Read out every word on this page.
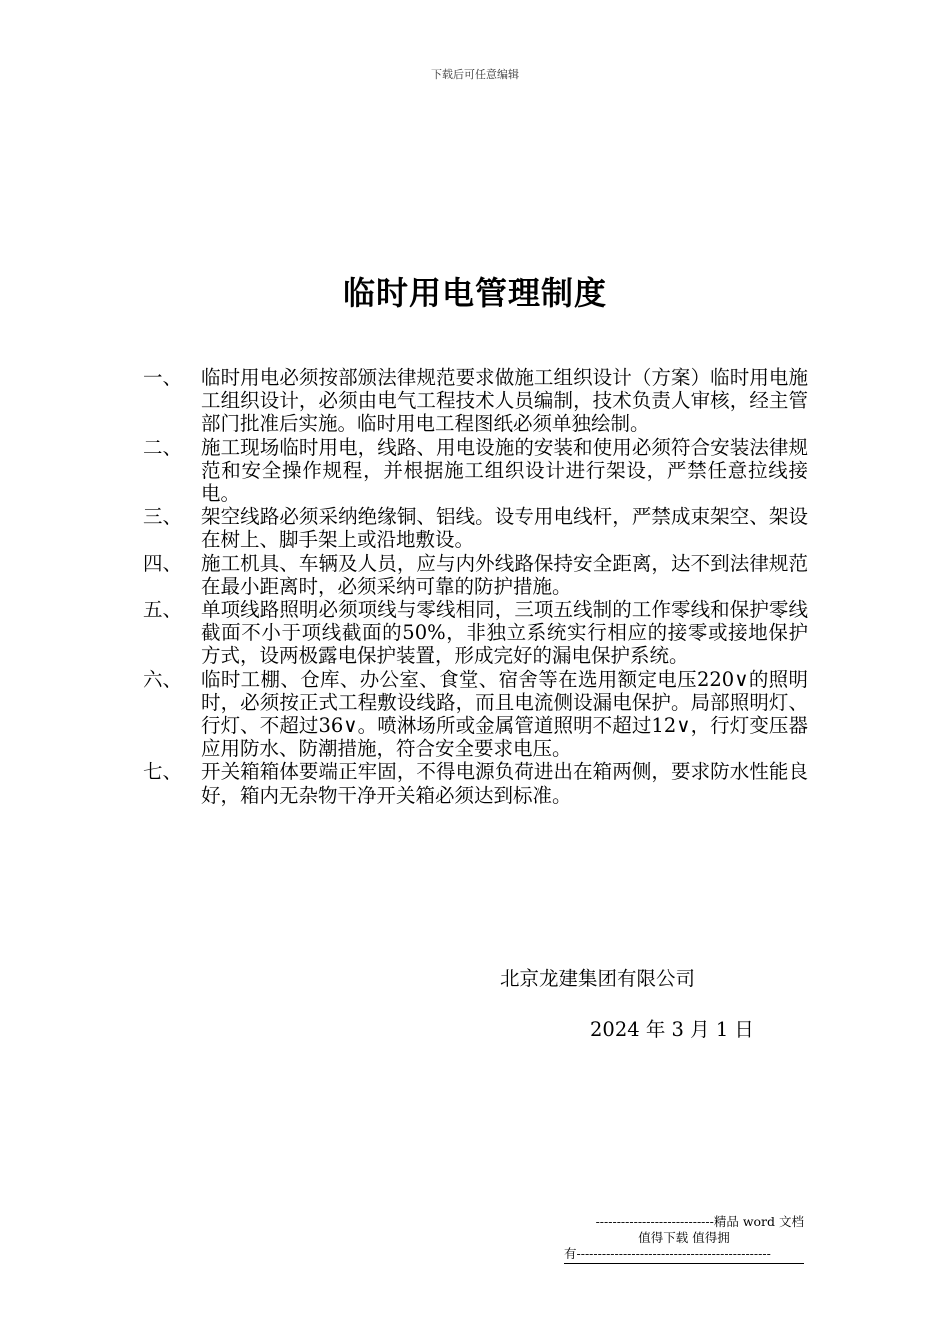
下载后可任意编辑
临时用电管理制度
一、 临时用电必须按部颁法律规范要求做施工组织设计（方案）临时用电施工组织设计，必须由电气工程技术人员编制，技术负责人审核，经主管部门批准后实施。临时用电工程图纸必须单独绘制。
二、 施工现场临时用电，线路、用电设施的安装和使用必须符合安装法律规范和安全操作规程，并根据施工组织设计进行架设，严禁任意拉线接电。
三、 架空线路必须采纳绝缘铜、铝线。设专用电线杆，严禁成束架空、架设在树上、脚手架上或沿地敷设。
四、 施工机具、车辆及人员，应与内外线路保持安全距离，达不到法律规范在最小距离时，必须采纳可靠的防护措施。
五、 单项线路照明必须项线与零线相同，三项五线制的工作零线和保护零线截面不小于项线截面的50%，非独立系统实行相应的接零或接地保护方式，设两极露电保护装置，形成完好的漏电保护系统。
六、 临时工棚、仓库、办公室、食堂、宿舍等在选用额定电压220∨的照明时，必须按正式工程敷设线路，而且电流侧设漏电保护。局部照明灯、行灯、不超过36∨。喷淋场所或金属管道照明不超过12∨，行灯变压器应用防水、防潮措施，符合安全要求电压。
七、 开关箱箱体要端正牢固，不得电源负荷进出在箱两侧，要求防水性能良好，箱内无杂物干净开关箱必须达到标准。
北京龙建集团有限公司
2024 年 3 月 1 日
----------------------------精品 word 文档
值得下载 值得拥
有----------------------------------------------
